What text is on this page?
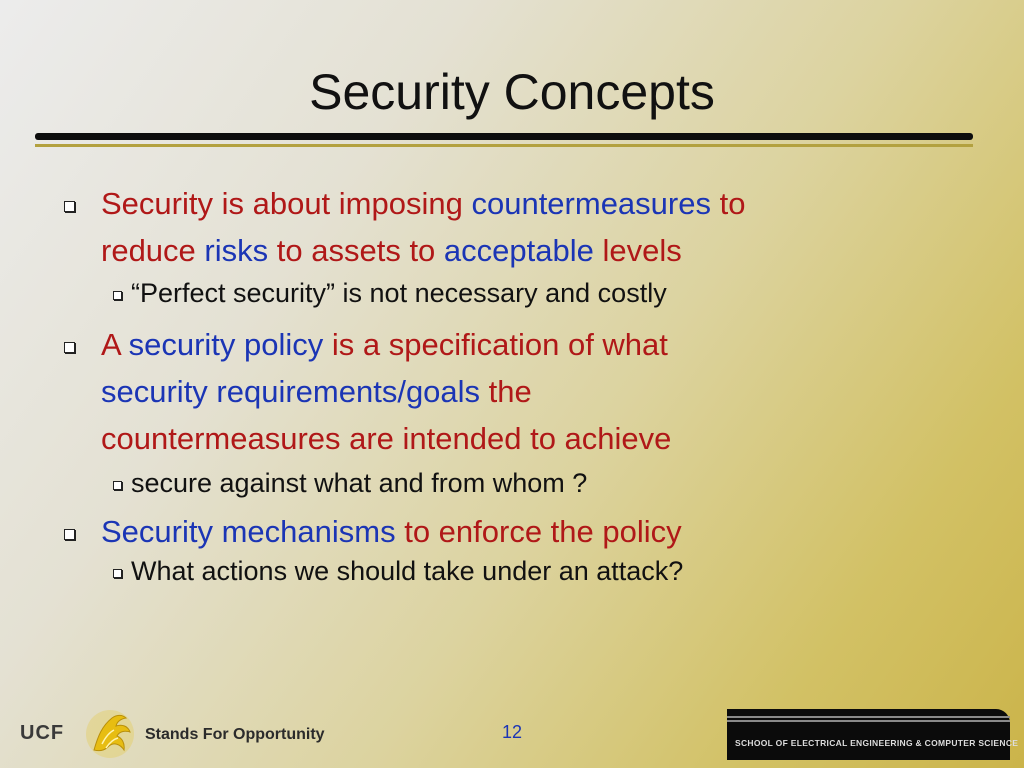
Security Concepts
Security is about imposing countermeasures to
reduce risks to assets to acceptable levels
“Perfect security” is not necessary and costly
A security policy is a specification of what
security requirements/goals the
countermeasures are intended to achieve
secure against what and from whom ?
Security mechanisms to enforce the policy
What actions we should take under an attack?
UCF	Stands For Opportunity	12
SCHOOL OF ELECTRICAL ENGINEERING & COMPUTER SCIENCE
